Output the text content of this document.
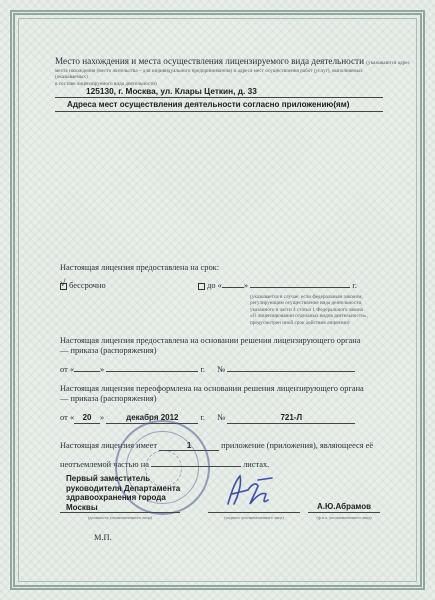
Место нахождения и места осуществления лицензируемого вида деятельности (указываются адрес
места нахождения (место жительства – для индивидуального предпринимателя) и адреса мест осуществления работ (услуг), выполняемых (оказываемых)
в составе лицензируемого вида деятельности)
125130, г. Москва, ул. Клары Цеткин, д. 33
Адреса мест осуществления деятельности согласно приложению(ям)
Настоящая лицензия предоставлена на срок:
√ бессрочно	до «	»	г.
(указывается в случае, если федеральным законом,
регулирующим осуществление вида деятельности,
указанного в части 4 статьи 1 Федерального закона
«О лицензировании отдельных видов деятельности»,
предусмотрен иной срок действия лицензии)
Настоящая лицензия предоставлена на основании решения лицензирующего органа
— приказа (распоряжения)
от «	»	г. №
Настоящая лицензия переоформлена на основании решения лицензирующего органа
— приказа (распоряжения)
от « 20 »	декабря 2012	г. №	721-Л
Настоящая лицензия имеет	1	приложение (приложения), являющееся её
неотъемлемой частью на	листах.
Первый заместитель
руководителя Департамента
здравоохранения города
Москвы
(должность уполномоченного лица)	(подпись уполномоченного лица)
А.Ю.Абрамов
(ф.и.о. уполномоченного лица)
М.П.
